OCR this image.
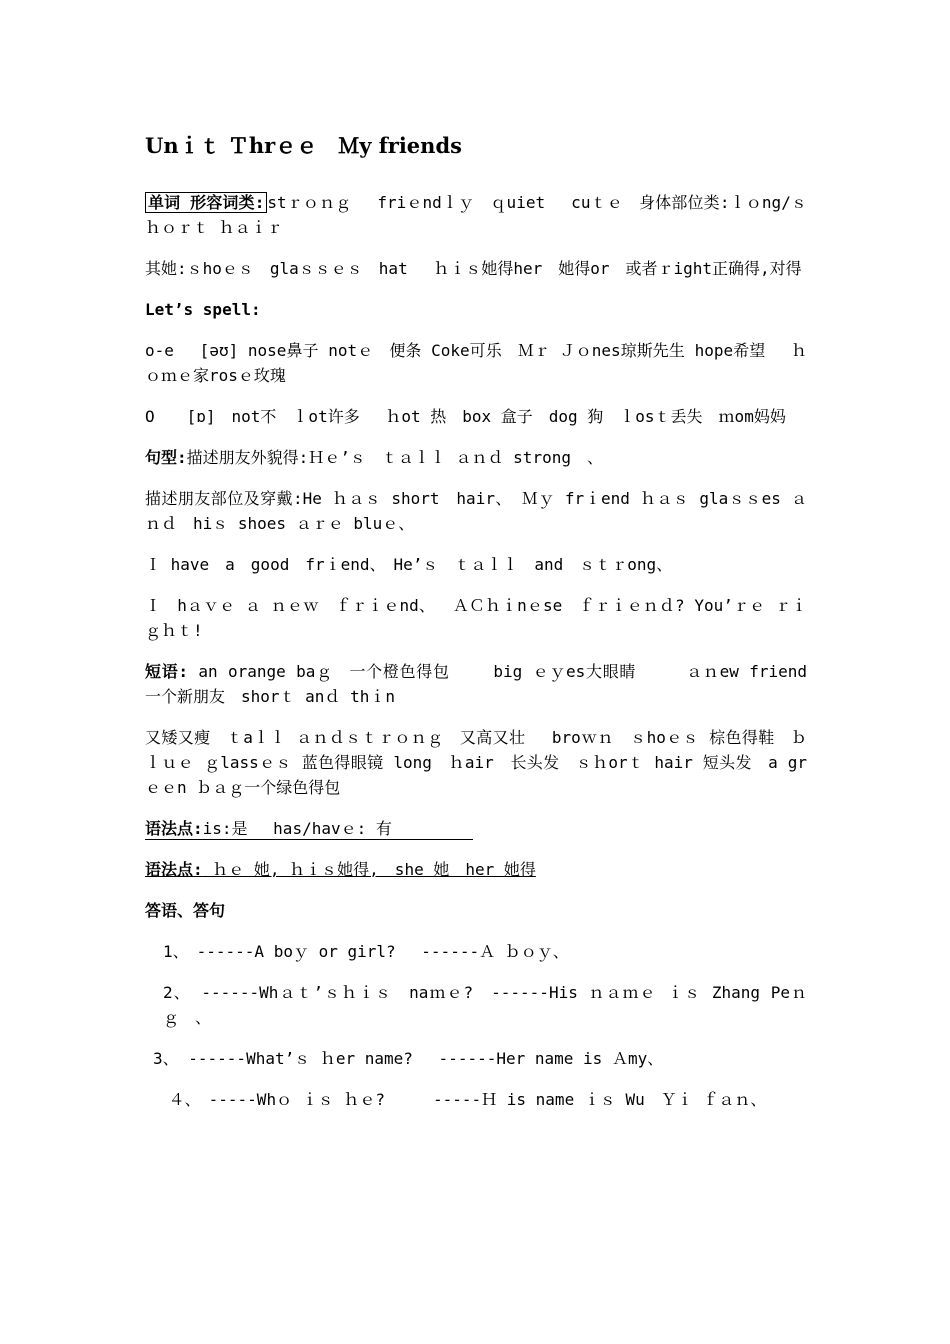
Unｉｔ Ｔhrｅｅ　Ｍy friends

单词 形容词类: stｒｏｎｇ　 friｅndｌｙ　ｑuiet　 cuｔｅ　身体部位类:ｌｏng/ｓｈｏｒｔ ｈａｉｒ

其她:ｓhoｅｓ　glaｓｓｅｓ　hat　 ｈｉｓ她得her　她得or　或者ｒight正确得,对得

Let’s spell:

o-e　 [əʊ] nose鼻子 notｅ　便条 Coke可乐　Ｍｒ Ｊｏnes琼斯先生 hope希望　 ｈｏｍｅ家rosｅ玫瑰

O　　[ɒ]　not不　ｌot许多　 ｈot 热　box 盒子　dog 狗　ｌosｔ丢失　ｍom妈妈

句型:描述朋友外貌得:Ｈｅ’ｓ　ｔａｌｌ ａｎｄ strong　、

描述朋友部位及穿戴:He ｈａｓ short　hair、 Ｍｙ frｉend ｈａｓ glaｓｓes ａｎｄ　hiｓ shoes ａｒｅ bluｅ、

Ｉ have　a　good　frｉend、　He’ｓ　ｔａｌｌ　and　ｓｔｒong、

Ｉ　hａｖｅ ａ ｎｅｗ　ｆｒｉｅnd、　 ＡＣｈｉnｅse　ｆｒｉｅｎｄ? You’ｒｅ ｒｉｇｈｔ!

短语: an orange baｇ　一个橙色得包　　 big ｅｙes大眼睛　　　ａｎew friend 一个新朋友　shorｔ anｄ thｉn

又矮又瘦　ｔaｌｌ ａｎｄｓｔｒｏｎｇ　又高又壮　 broｗｎ　ｓhoｅｓ 棕色得鞋　ｂｌｕｅ ｇlassｅｓ 蓝色得眼镜 long　ｈair　长头发　ｓｈorｔ hair 短头发　a grｅｅn ｂａｇ一个绿色得包

语法点:is:是　 has/havｅ: 有

语法点: ｈｅ 她, ｈｉｓ她得,　she 她　her 她得

答语、答句

1、　------A boｙ or girl?　 ------Ａ ｂｏｙ、

2、 ------Whａｔ’ｓｈｉｓ　naｍｅ?　------His ｎａｍｅ ｉｓ Zhang Peｎｇ　、

3、 ------What’ｓ ｈer name?　 ------Her name is Ａmy、

４、　-----Whｏ ｉｓ ｈｅ?　　　-----Ｈ is name ｉｓ Wu　Ｙｉ ｆａｎ、
